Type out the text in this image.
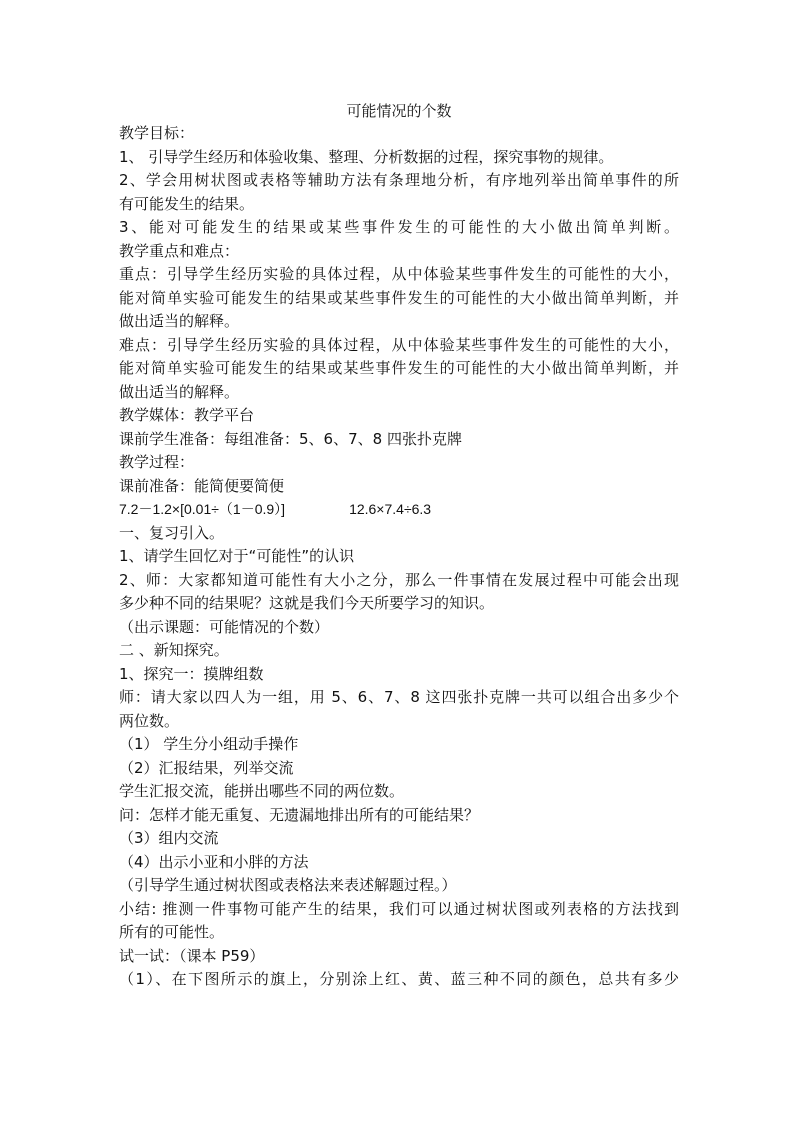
可能情况的个数

教学目标：

1、 引导学生经历和体验收集、整理、分析数据的过程，探究事物的规律。

2、学会用树状图或表格等辅助方法有条理地分析，有序地列举出简单事件的所

有可能发生的结果。

3、能对可能发生的结果或某些事件发生的可能性的大小做出简单判断。

教学重点和难点：

重点：引导学生经历实验的具体过程，从中体验某些事件发生的可能性的大小，

能对简单实验可能发生的结果或某些事件发生的可能性的大小做出简单判断，并

做出适当的解释。

难点：引导学生经历实验的具体过程，从中体验某些事件发生的可能性的大小，

能对简单实验可能发生的结果或某些事件发生的可能性的大小做出简单判断，并

做出适当的解释。

教学媒体：教学平台

课前学生准备：每组准备：5、6、7、8 四张扑克牌

教学过程：

课前准备：能简便要简便

7.2－1.2×[0.01÷（1－0.9）]	12.6×7.4÷6.3

一、复习引入。

1、请学生回忆对于“可能性”的认识

2、师：大家都知道可能性有大小之分，那么一件事情在发展过程中可能会出现

多少种不同的结果呢？这就是我们今天所要学习的知识。

（出示课题：可能情况的个数）

二 、新知探究。

1、探究一：摸牌组数

师：请大家以四人为一组，用 5、6、7、8 这四张扑克牌一共可以组合出多少个

两位数。

（1） 学生分小组动手操作

（2）汇报结果，列举交流

学生汇报交流，能拼出哪些不同的两位数。

问：怎样才能无重复、无遗漏地排出所有的可能结果？

（3）组内交流

（4）出示小亚和小胖的方法

（引导学生通过树状图或表格法来表述解题过程。）

小结: 推测一件事物可能产生的结果，我们可以通过树状图或列表格的方法找到

所有的可能性。

试一试：（课本 P59）

（1）、在下图所示的旗上，分别涂上红、黄、蓝三种不同的颜色，总共有多少
